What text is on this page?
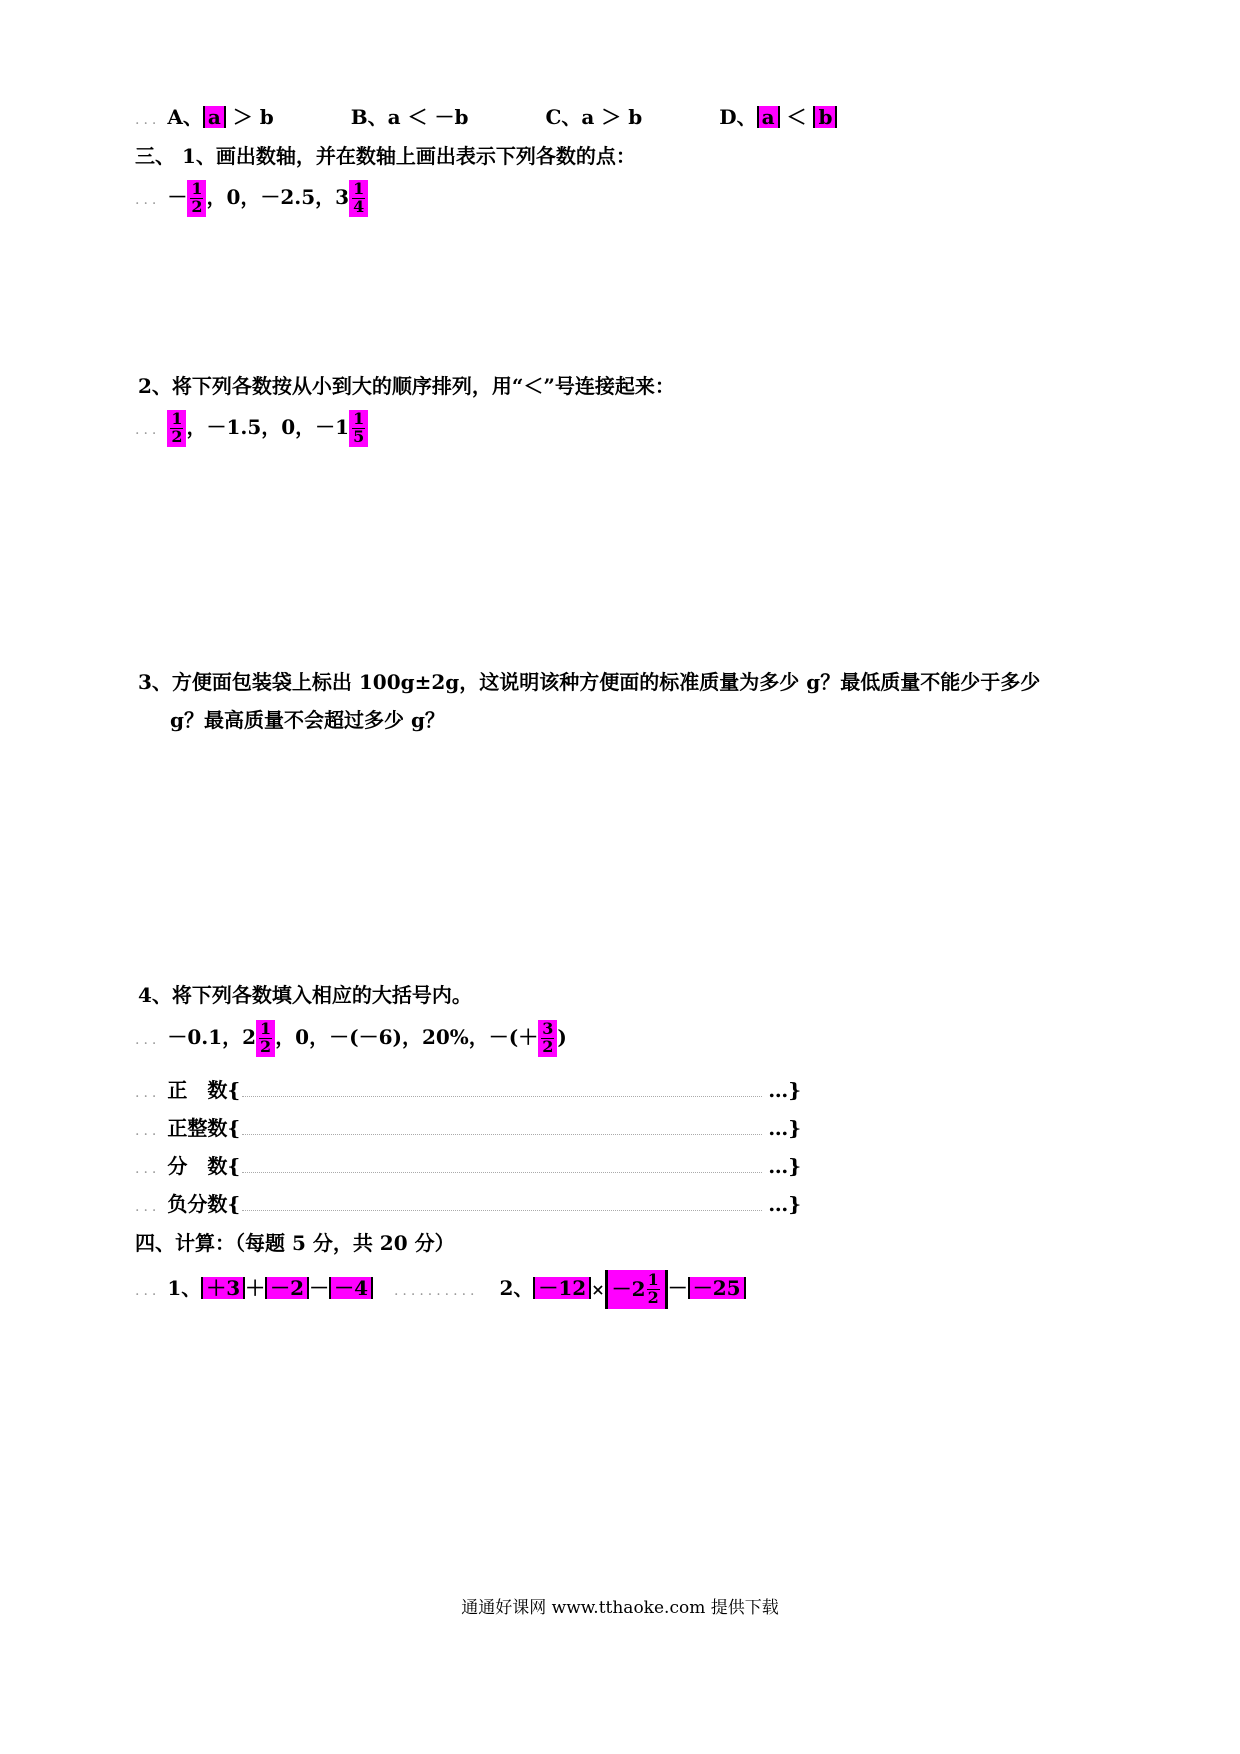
... A、 a ＞ b	B、a ＜ －b	C、a ＞ b	D、 a ＜ b
三、 1、画出数轴，并在数轴上画出表示下列各数的点：
... － $\frac{1}{2}$ ，0，－2.5，$3 \frac{1}{4}$
2、将下列各数按从小到大的顺序排列，用“＜”号连接起来：
... $\frac{1}{2}$ ，－1.5，0，$-1 \frac{1}{5}$
3、方便面包装袋上标出 100g±2g，这说明该种方便面的标准质量为多少 g？最低质量不能少于多少
g？最高质量不会超过多少 g？
4、将下列各数填入相应的大括号内。
... －0.1，$2 \frac{1}{2}$ ，0，－(－6)，20%，－(＋ $\frac{3}{2}$ )
... 正　数{	…}
... 正整数{	…}
... 分　数{	…}
... 负分数{	…}
四、计算：（每题 5 分，共 20 分）
... 1、 ＋3 ＋ －2 － －4 .......... 2、 $-12 \times -2 \frac{1}{2} - -25$
通通好课网 www.tthaoke.com 提供下载
